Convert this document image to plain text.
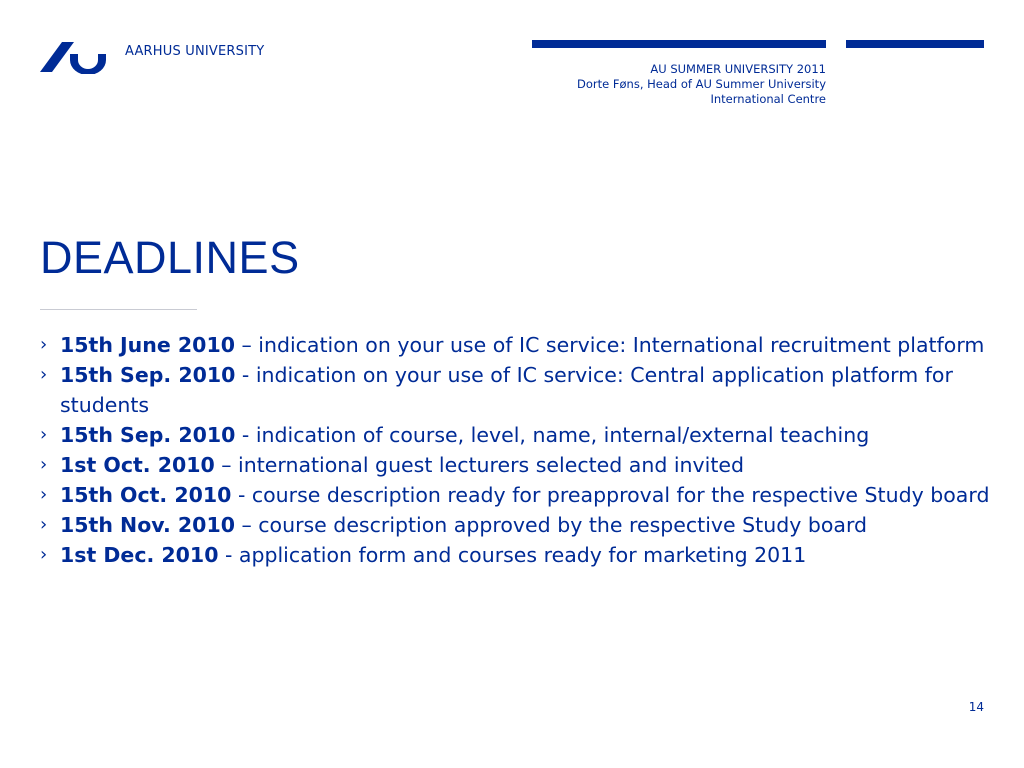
AARHUS UNIVERSITY
AU SUMMER UNIVERSITY 2011
Dorte Føns, Head of AU Summer University
International Centre
DEADLINES
› 15th June 2010 – indication on your use of IC service: International recruitment platform
› 15th Sep. 2010 - indication on your use of IC service: Central application platform for students
› 15th Sep. 2010 - indication of course, level, name, internal/external teaching
› 1st Oct. 2010 – international guest lecturers selected and invited
› 15th Oct. 2010 - course description ready for preapproval for the respective Study board
› 15th Nov. 2010 – course description approved by the respective Study board
› 1st Dec. 2010 - application form and courses ready for marketing 2011
14
